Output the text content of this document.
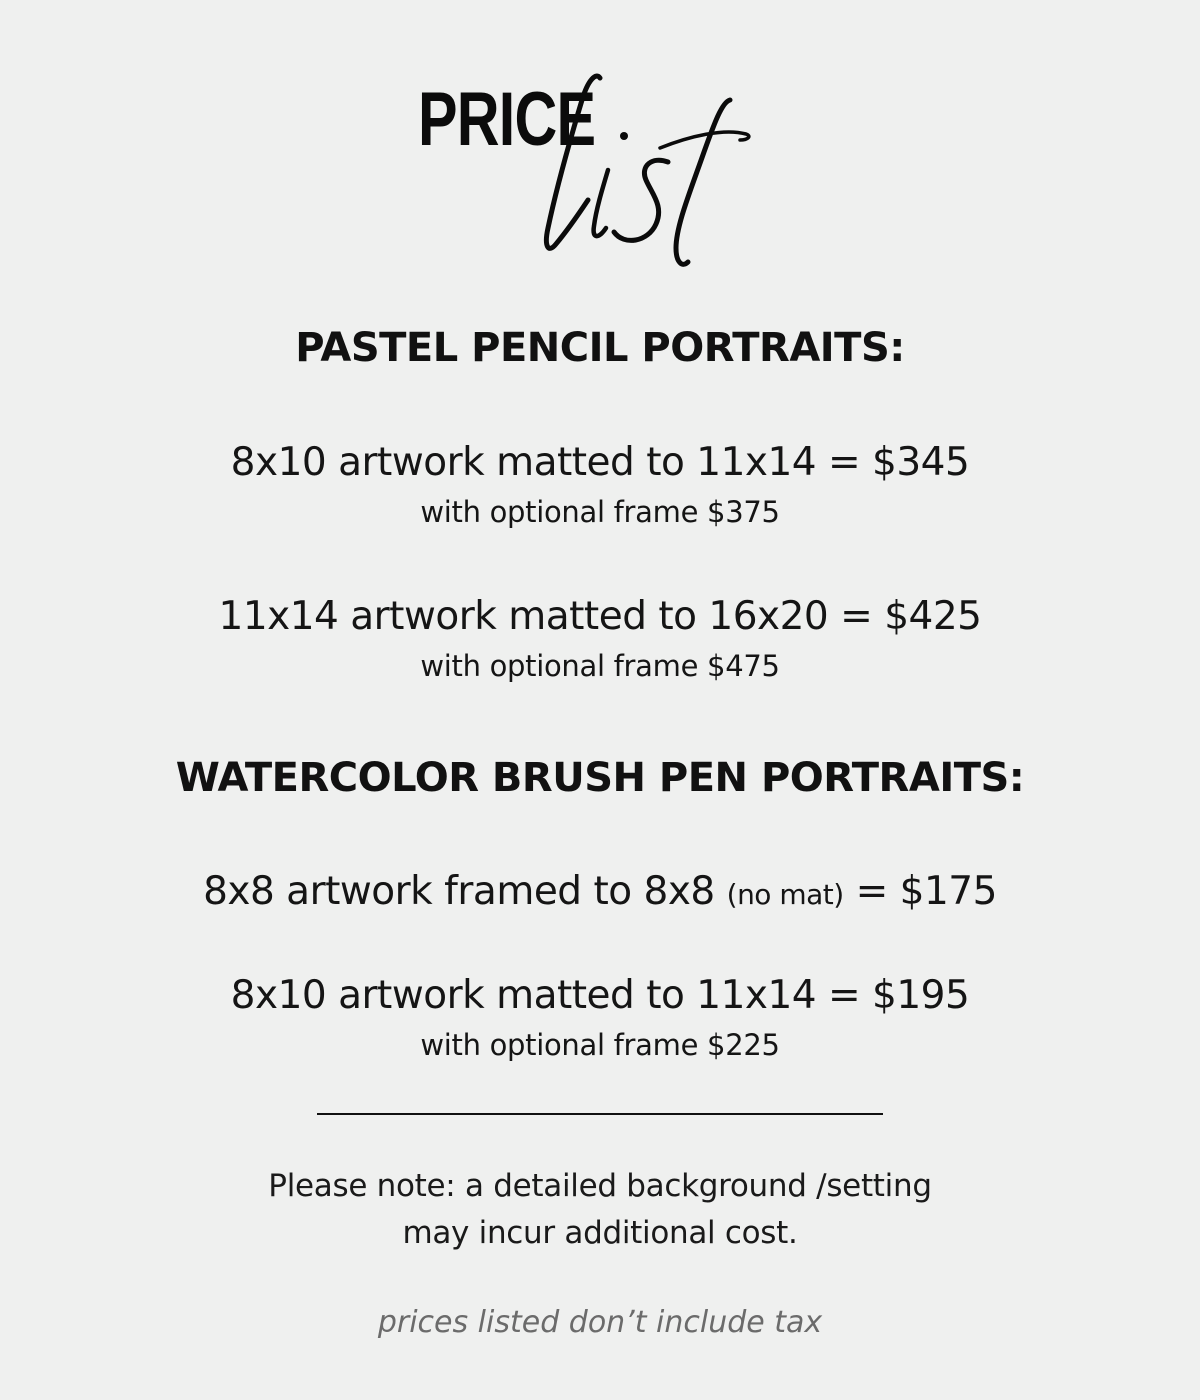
PRICE
PASTEL PENCIL PORTRAITS:
8x10 artwork matted to 11x14 = $345
with optional frame $375
11x14 artwork matted to 16x20 = $425
with optional frame $475
WATERCOLOR BRUSH PEN PORTRAITS:
8x8 artwork framed to 8x8 (no mat) = $175
8x10 artwork matted to 11x14 = $195
with optional frame $225
Please note: a detailed background /setting
may incur additional cost.
prices listed don’t include tax
